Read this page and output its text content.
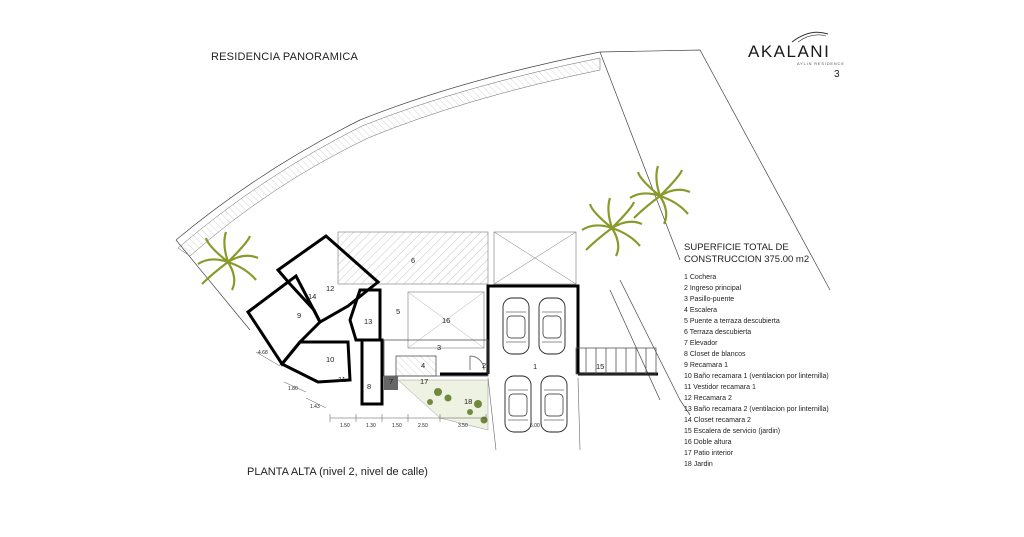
RESIDENCIA PANORAMICA	AKALANI
AYLIN RESIDENCE
3
SUPERFICIE TOTAL DE
CONSTRUCCION 375.00 m2
1 Cochera
2 Ingreso principal
3 Pasillo-puente
4 Escalera
5 Puente a terraza descubierta
6 Terraza descubierta
7 Elevador
8 Closet de blancos
9 Recamara 1
10 Baño recamara 1 (ventilacion por linternilla)
11 Vestidor recamara 1
12 Recamara 2
13 Baño recamara 2 (ventilacion por linternilla)
14 Closet recamara 2
15 Escalera de servicio (jardin)
16 Doble altura
17 Patio interior
18 Jardin
PLANTA ALTA (nivel 2, nivel de calle)
1
2
3
4
5
6
7
8
9
10
11
12
13
14
15
16
17
18
4.68
1.80
1.43
1.50	1.30	1.50	2.50	3.50	5.00
